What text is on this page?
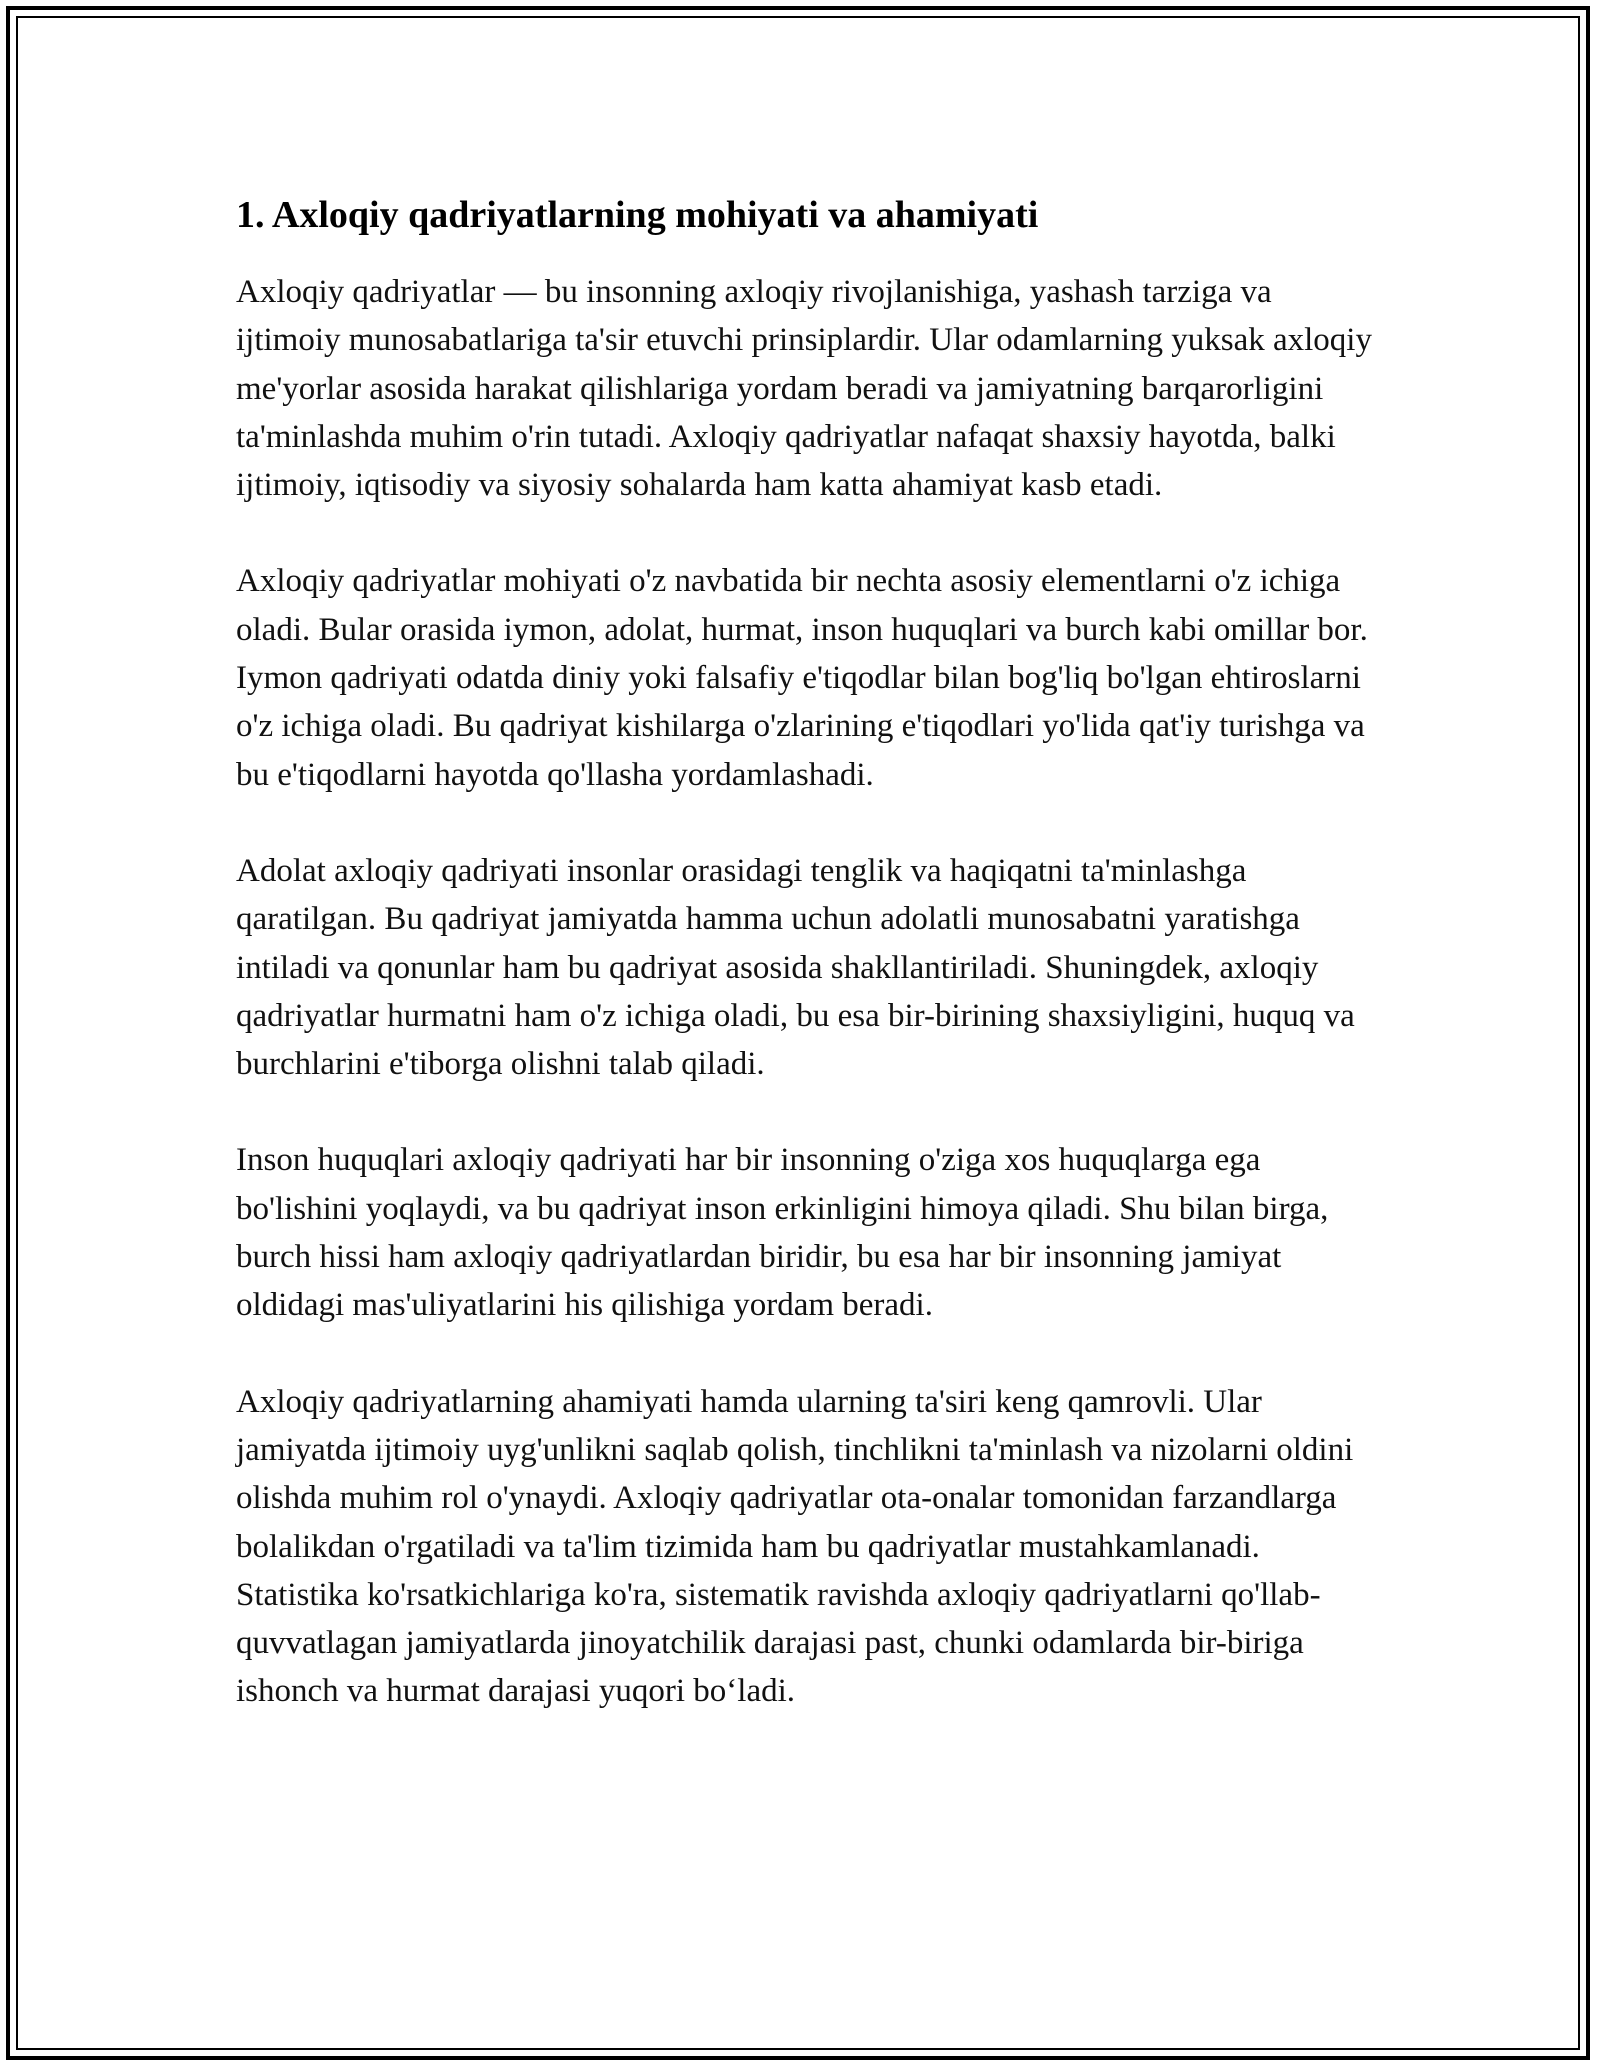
1. Axloqiy qadriyatlarning mohiyati va ahamiyati

Axloqiy qadriyatlar — bu insonning axloqiy rivojlanishiga, yashash tarziga va ijtimoiy munosabatlariga ta'sir etuvchi prinsiplardir. Ular odamlarning yuksak axloqiy me'yorlar asosida harakat qilishlariga yordam beradi va jamiyatning barqarorligini ta'minlashda muhim o'rin tutadi. Axloqiy qadriyatlar nafaqat shaxsiy hayotda, balki ijtimoiy, iqtisodiy va siyosiy sohalarda ham katta ahamiyat kasb etadi.

Axloqiy qadriyatlar mohiyati o'z navbatida bir nechta asosiy elementlarni o'z ichiga oladi. Bular orasida iymon, adolat, hurmat, inson huquqlari va burch kabi omillar bor. Iymon qadriyati odatda diniy yoki falsafiy e'tiqodlar bilan bog'liq bo'lgan ehtiroslarni o'z ichiga oladi. Bu qadriyat kishilarga o'zlarining e'tiqodlari yo'lida qat'iy turishga va bu e'tiqodlarni hayotda qo'llasha yordamlashadi.

Adolat axloqiy qadriyati insonlar orasidagi tenglik va haqiqatni ta'minlashga qaratilgan. Bu qadriyat jamiyatda hamma uchun adolatli munosabatni yaratishga intiladi va qonunlar ham bu qadriyat asosida shakllantiriladi. Shuningdek, axloqiy qadriyatlar hurmatni ham o'z ichiga oladi, bu esa bir-birining shaxsiyligini, huquq va burchlarini e'tiborga olishni talab qiladi.

Inson huquqlari axloqiy qadriyati har bir insonning o'ziga xos huquqlarga ega bo'lishini yoqlaydi, va bu qadriyat inson erkinligini himoya qiladi. Shu bilan birga, burch hissi ham axloqiy qadriyatlardan biridir, bu esa har bir insonning jamiyat oldidagi mas'uliyatlarini his qilishiga yordam beradi.

Axloqiy qadriyatlarning ahamiyati hamda ularning ta'siri keng qamrovli. Ular jamiyatda ijtimoiy uyg'unlikni saqlab qolish, tinchlikni ta'minlash va nizolarni oldini olishda muhim rol o'ynaydi. Axloqiy qadriyatlar ota-onalar tomonidan farzandlarga bolalikdan o'rgatiladi va ta'lim tizimida ham bu qadriyatlar mustahkamlanadi. Statistika ko'rsatkichlariga ko'ra, sistematik ravishda axloqiy qadriyatlarni qo'llab-quvvatlagan jamiyatlarda jinoyatchilik darajasi past, chunki odamlarda bir-biriga ishonch va hurmat darajasi yuqori bo‘ladi.
